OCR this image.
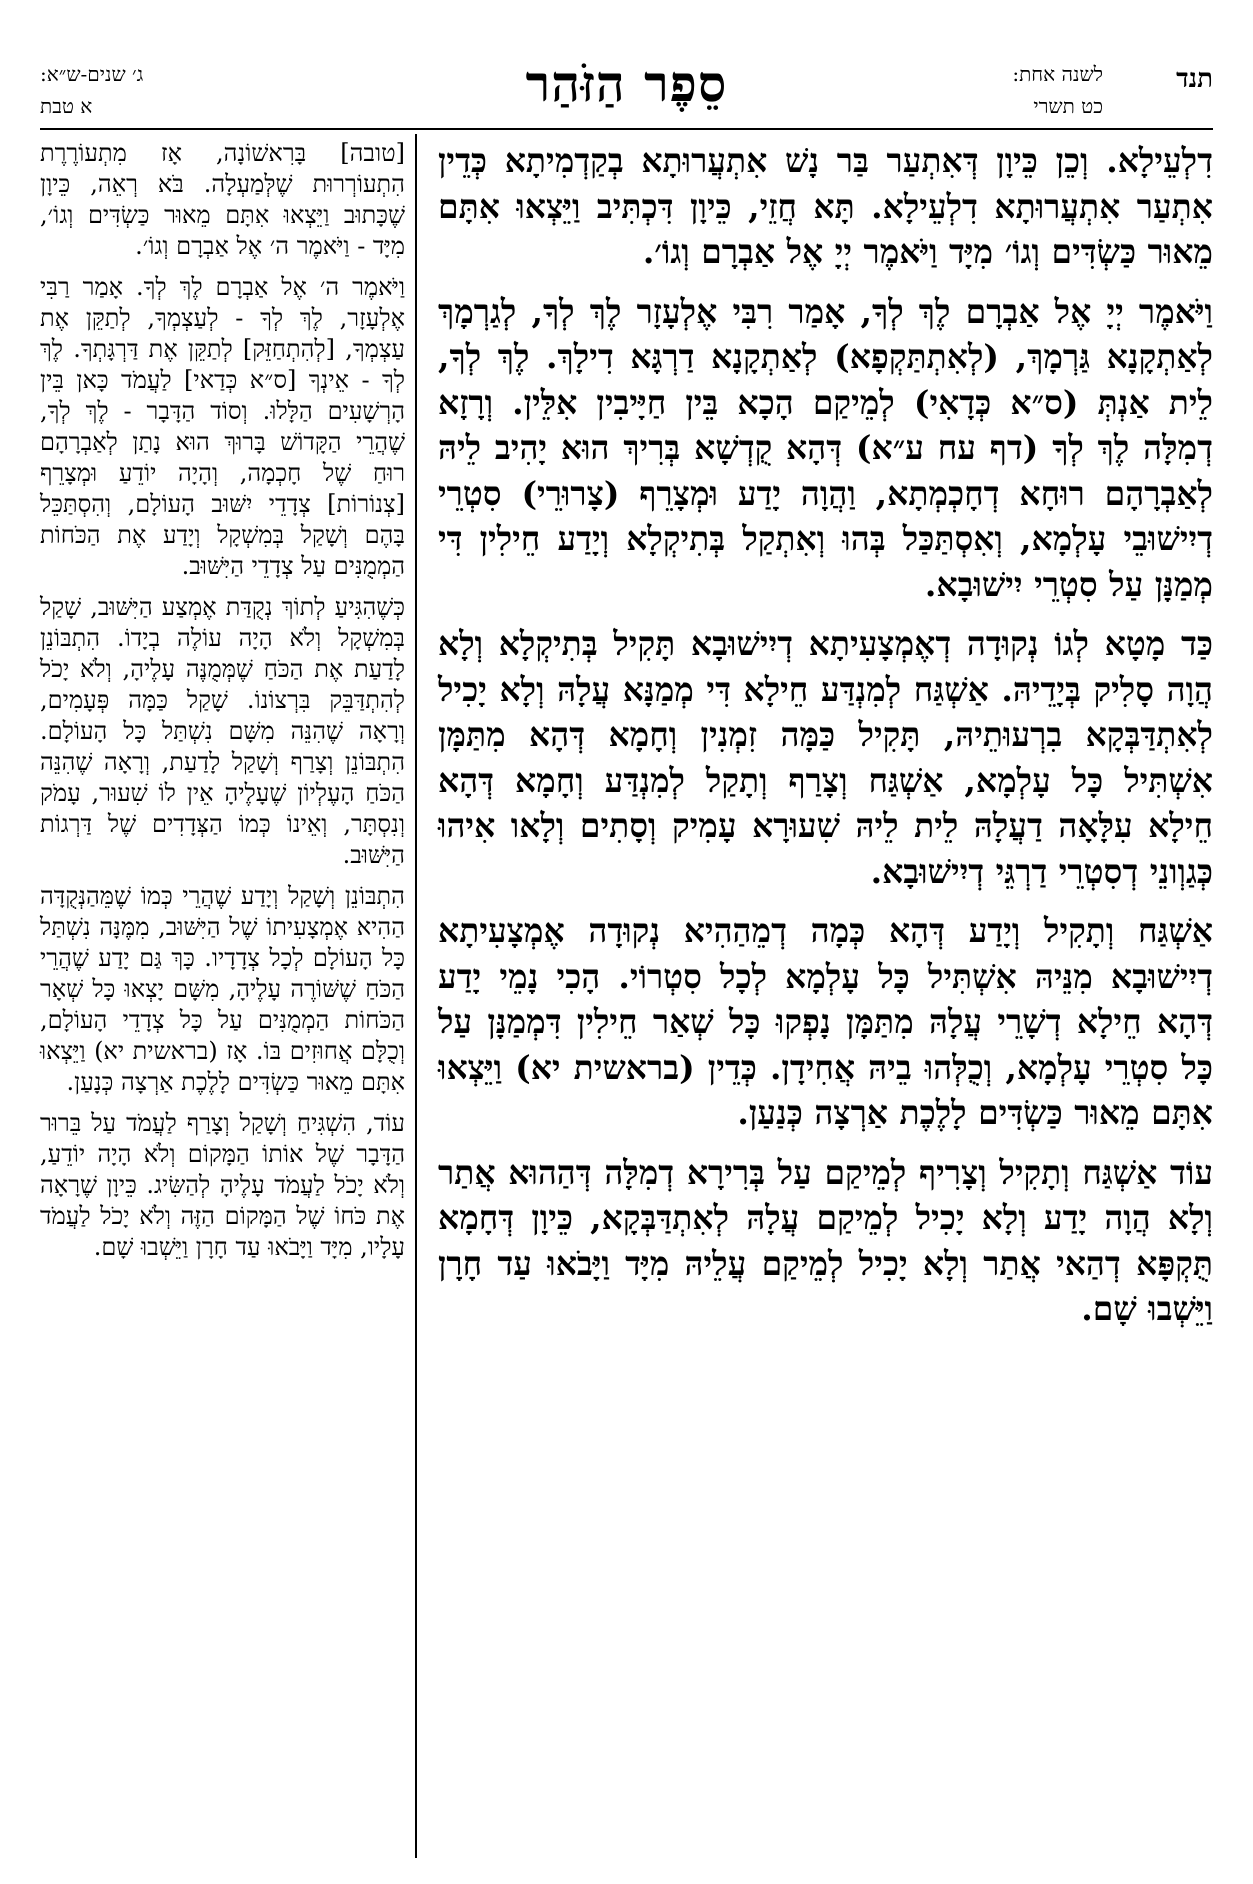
תנד
לשנה אחת:
כט תשרי
סֵפֶר הַזֹּהַר
ג׳ שנים-ש״א:
א טבת

דִלְעֵילָא. וְכֵן כֵּיוָן דְּאִתְעַר בַּר נָשׁ אִתְעֲרוּתָא בְקַדְמִיתָא כְּדֵין אִתְעַר אִתְעֲרוּתָא דִלְעֵילָא. תָּא חֲזֵי, כֵּיוָן דִּכְתִּיב וַיֵּצְאוּ אִתָּם מֵאוּר כַּשְׂדִּים וְגוֹ׳ מִיָּד וַיֹּאמֶר יְיָ אֶל אַבְרָם וְגוֹ׳.

וַיֹּאמֶר יְיָ אֶל אַבְרָם לֶךְ לְךָ, אָמַר רִבִּי אֶלְעָזָר לֶךְ לְךָ, לְגַרְמָךְ לְאַתְקָנָא גַּרְמָךְ, (לְאִתְתַּקְפָא) לְאַתְקָנָא דַרְגָּא דִילָךְ. לֶךְ לְךָ, לֵית אַנְתְּ (ס״א כְּדָאִי) לְמֵיקַם הָכָא בֵּין חַיָּיבִין אִלֵּין. וְרָזָא דְמִלָּה לֶךְ לְךָ (דף עח ע״א) דְּהָא קֻדְשָׁא בְּרִיךְ הוּא יָהִיב לֵיהּ לְאַבְרָהָם רוּחָא דְחָכְמְתָא, וַהֲוָה יָדַע וּמְצָרֵף (צָרוּרֵי) סִטְרֵי דְיִישׁוּבֵי עָלְמָא, וְאִסְתַּכַּל בְּהוּ וְאִתְקַל בְּתִיקְלָא וְיָדַע חֵילִין דִּי מְמַנָּן עַל סִטְרֵי יִישׁוּבָא.

כַּד מָטָא לְגוֹ נְקוּדָה דְאֶמְצָעִיתָא דְיִישׁוּבָא תָּקִיל בְּתִיקְלָא וְלָא הֲוָה סָלִיק בְּיָדֵיהּ. אַשְׁגַּח לְמִנְדַּע חֵילָא דִּי מְמַנָּא עֲלָהּ וְלָא יָכִיל לְאִתְדַּבְּקָא בִרְעוּתֵיהּ, תָּקִיל כַּמָּה זִמְנִין וְחָמָא דְּהָא מִתַּמָּן אִשְׁתִּיל כָּל עָלְמָא, אַשְׁגַּח וְצָרַף וְתָקַל לְמִנְדַּע וְחָמָא דְּהָא חֵילָא עִלָּאָה דַעֲלָהּ לֵית לֵיהּ שִׁעוּרָא עָמִיק וְסָתִים וְלָאו אִיהוּ כְּגַוְונֵי דְסִטְרֵי דַרְגֵּי דְיִישׁוּבָא.

אַשְׁגַּח וְתָקִיל וְיָדַע דְּהָא כְּמָה דְמֵהַהִיא נְקוּדָה אֶמְצָעִיתָא דְיִישׁוּבָא מִנֵּיהּ אִשְׁתִּיל כָּל עָלְמָא לְכָל סִטְרוֹי. הָכִי נָמֵי יָדַע דְּהָא חֵילָא דְשָׁרֵי עֲלָהּ מִתַּמָּן נָפְקוּ כָּל שְׁאַר חֵילִין דִּמְמַנָּן עַל כָּל סִטְרֵי עָלְמָא, וְכֻלְּהוּ בֵיהּ אֲחִידָן. כְּדֵין (בראשית יא) וַיֵּצְאוּ אִתָּם מֵאוּר כַּשְׂדִּים לָלֶכֶת אַרְצָה כְּנַעַן.

עוֹד אַשְׁגַּח וְתָקִיל וְצָרִיף לְמֵיקַם עַל בְּרִירָא דְמִלָּה דְּהַהוּא אֲתַר וְלָא הֲוָה יָדַע וְלָא יָכִיל לְמֵיקַם עֲלָהּ לְאִתְדַּבְּקָא, כֵּיוָן דְּחָמָא תֻּקְפָּא דְהַאי אֲתַר וְלָא יָכִיל לְמֵיקַם עֲלֵיהּ מִיָּד וַיָּבֹאוּ עַד חָרָן וַיֵּשְׁבוּ שָׁם.

[טובה] בָּרִאשׁוֹנָה, אָז מִתְעוֹרֶרֶת הִתְעוֹרְרוּת שֶׁלְּמַעְלָה. בֹּא רְאֵה, כֵּיוָן שֶׁכָּתוּב וַיֵּצְאוּ אִתָּם מֵאוּר כַּשְׂדִּים וְגוֹ׳, מִיָּד - וַיֹּאמֶר ה׳ אֶל אַבְרָם וְגוֹ׳.

וַיֹּאמֶר ה׳ אֶל אַבְרָם לֶךְ לְךָ. אָמַר רַבִּי אֶלְעָזָר, לֶךְ לְךָ - לְעַצְמְךָ, לְתַקֵּן אֶת עַצְמְךָ, [לְהִתְחַזֵּק] לְתַקֵּן אֶת דַּרְגָּתְךָ. לֶךְ לְךָ - אֵינְךָ [ס״א כְּדַאי] לַעֲמֹד כָּאן בֵּין הָרְשָׁעִים הַלָּלוּ. וְסוֹד הַדָּבָר - לֶךְ לְךָ, שֶׁהֲרֵי הַקָּדוֹשׁ בָּרוּךְ הוּא נָתַן לְאַבְרָהָם רוּחַ שֶׁל חָכְמָה, וְהָיָה יוֹדֵעַ וּמְצָרֵף [צְנוֹרוֹת] צְדָדֵי יִשּׁוּב הָעוֹלָם, וְהִסְתַּכֵּל בָּהֶם וְשָׁקַל בְּמִשְׁקָל וְיָדַע אֶת הַכֹּחוֹת הַמְמֻנִּים עַל צְדָדֵי הַיִּשּׁוּב.

כְּשֶׁהִגִּיעַ לְתוֹךְ נְקֻדַּת אֶמְצַע הַיִּשּׁוּב, שָׁקַל בְּמִשְׁקָל וְלֹא הָיָה עוֹלֶה בְיָדוֹ. הִתְבּוֹנֵן לָדַעַת אֶת הַכֹּחַ שֶׁמְּמֻנֶּה עָלֶיהָ, וְלֹא יָכֹל לְהִתְדַּבֵּק בִּרְצוֹנוֹ. שָׁקַל כַּמָּה פְּעָמִים, וְרָאָה שֶׁהִנֵּה מִשָּׁם נִשְׁתַּל כָּל הָעוֹלָם. הִתְבּוֹנֵן וְצָרַף וְשָׁקַל לָדַעַת, וְרָאָה שֶׁהִנֵּה הַכֹּחַ הָעֶלְיוֹן שֶׁעָלֶיהָ אֵין לוֹ שִׁעוּר, עָמֹק וְנִסְתָּר, וְאֵינוֹ כְּמוֹ הַצְּדָדִים שֶׁל דַּרְגוֹת הַיִּשּׁוּב.

הִתְבּוֹנֵן וְשָׁקַל וְיָדַע שֶׁהֲרֵי כְּמוֹ שֶׁמֵּהַנְּקֻדָּה הַהִיא אֶמְצָעִיתוֹ שֶׁל הַיִּשּׁוּב, מִמֶּנָּה נִשְׁתַּל כָּל הָעוֹלָם לְכָל צְדָדָיו. כָּךְ גַּם יָדַע שֶׁהֲרֵי הַכֹּחַ שֶׁשּׁוֹרֶה עָלֶיהָ, מִשָּׁם יָצְאוּ כָּל שְׁאָר הַכֹּחוֹת הַמְמֻנִּים עַל כָּל צְדָדֵי הָעוֹלָם, וְכֻלָּם אֲחוּזִים בּוֹ. אָז (בראשית יא) וַיֵּצְאוּ אִתָּם מֵאוּר כַּשְׂדִּים לָלֶכֶת אַרְצָה כְּנָעַן.

עוֹד, הִשְׁגִּיחַ וְשָׁקַל וְצָרַף לַעֲמֹד עַל בֵּרוּר הַדָּבָר שֶׁל אוֹתוֹ הַמָּקוֹם וְלֹא הָיָה יוֹדֵעַ, וְלֹא יָכֹל לַעֲמֹד עָלֶיהָ לְהַשִּׂיג. כֵּיוָן שֶׁרָאָה אֶת כֹּחוֹ שֶׁל הַמָּקוֹם הַזֶּה וְלֹא יָכֹל לַעֲמֹד עָלָיו, מִיָּד וַיָּבֹאוּ עַד חָרָן וַיֵּשְׁבוּ שָׁם.
